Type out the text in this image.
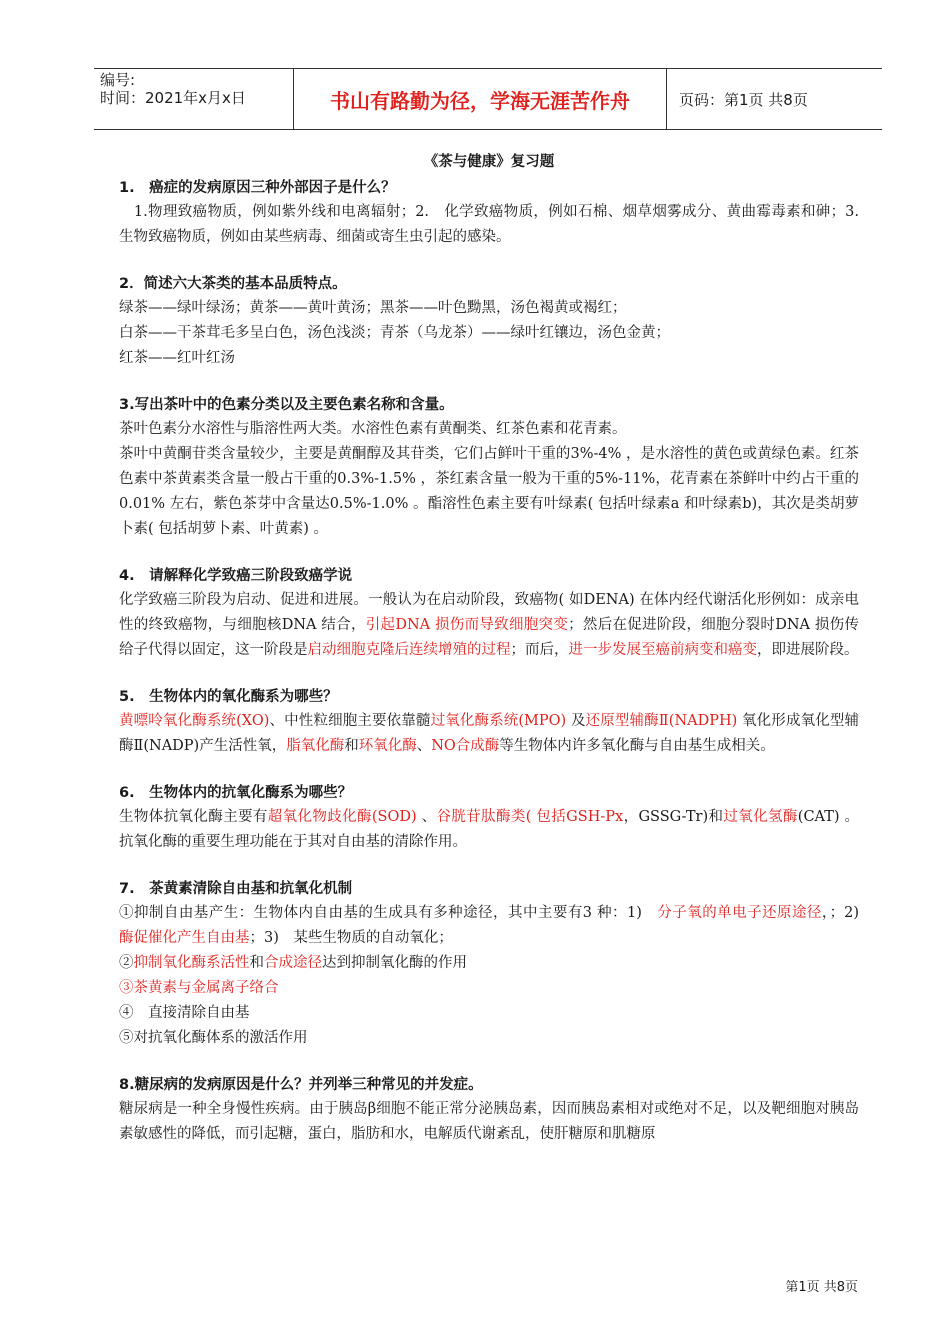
编号:
时间：2021年x月x日	书山有路勤为径，学海无涯苦作舟	页码：第1页 共8页
《茶与健康》复习题
1.　癌症的发病原因三种外部因子是什么？
　1.物理致癌物质，例如紫外线和电离辐射；2.　化学致癌物质，例如石棉、烟草烟雾成分、黄曲霉毒素和砷；3.　生物致癌物质，例如由某些病毒、细菌或寄生虫引起的感染。
2．简述六大茶类的基本品质特点。
绿茶——绿叶绿汤；黄茶——黄叶黄汤；黑茶——叶色黝黑，汤色褐黄或褐红；
白茶——干茶茸毛多呈白色，汤色浅淡；青茶（乌龙茶）——绿叶红镶边，汤色金黄；
红茶——红叶红汤
3.写出茶叶中的色素分类以及主要色素名称和含量。
茶叶色素分水溶性与脂溶性两大类。水溶性色素有黄酮类、红茶色素和花青素。
茶叶中黄酮苷类含量较少，主要是黄酮醇及其苷类，它们占鲜叶干重的3%-4% ，是水溶性的黄色或黄绿色素。红茶色素中茶黄素类含量一般占干重的0.3%-1.5% ，茶红素含量一般为干重的5%-11%，花青素在茶鲜叶中约占干重的0.01% 左右，紫色茶芽中含量达0.5%-1.0% 。酯溶性色素主要有叶绿素( 包括叶绿素a 和叶绿素b)，其次是类胡萝卜素( 包括胡萝卜素、叶黄素) 。
4.　请解释化学致癌三阶段致癌学说
化学致癌三阶段为启动、促进和进展。一般认为在启动阶段，致癌物( 如DENA) 在体内经代谢活化形例如：成亲电性的终致癌物，与细胞核DNA 结合，引起DNA 损伤而导致细胞突变；然后在促进阶段，细胞分裂时DNA 损伤传给子代得以固定，这一阶段是启动细胞克隆后连续增殖的过程；而后，进一步发展至癌前病变和癌变，即进展阶段。
5.　生物体内的氧化酶系为哪些？
黄嘌呤氧化酶系统(XO)、中性粒细胞主要依靠髓过氧化酶系统(MPO) 及还原型辅酶Ⅱ(NADPH) 氧化形成氧化型辅酶Ⅱ(NADP)产生活性氧，脂氧化酶和环氧化酶、NO合成酶等生物体内许多氧化酶与自由基生成相关。
6.　生物体内的抗氧化酶系为哪些？
生物体抗氧化酶主要有超氧化物歧化酶(SOD) 、谷胱苷肽酶类( 包括GSH-Px，GSSG-Tr)和过氧化氢酶(CAT) 。抗氧化酶的重要生理功能在于其对自由基的清除作用。
7.　茶黄素清除自由基和抗氧化机制
①抑制自由基产生：生物体内自由基的生成具有多种途径，其中主要有3 种：1)　分子氧的单电子还原途径，；2)　酶促催化产生自由基；3)　某些生物质的自动氧化；
②抑制氧化酶系活性和合成途径达到抑制氧化酶的作用
③茶黄素与金属离子络合
④　直接清除自由基
⑤对抗氧化酶体系的激活作用
8.糖尿病的发病原因是什么？并列举三种常见的并发症。
糖尿病是一种全身慢性疾病。由于胰岛β细胞不能正常分泌胰岛素，因而胰岛素相对或绝对不足，以及靶细胞对胰岛素敏感性的降低，而引起糖，蛋白，脂肪和水，电解质代谢紊乱，使肝糖原和肌糖原
第1页 共8页
